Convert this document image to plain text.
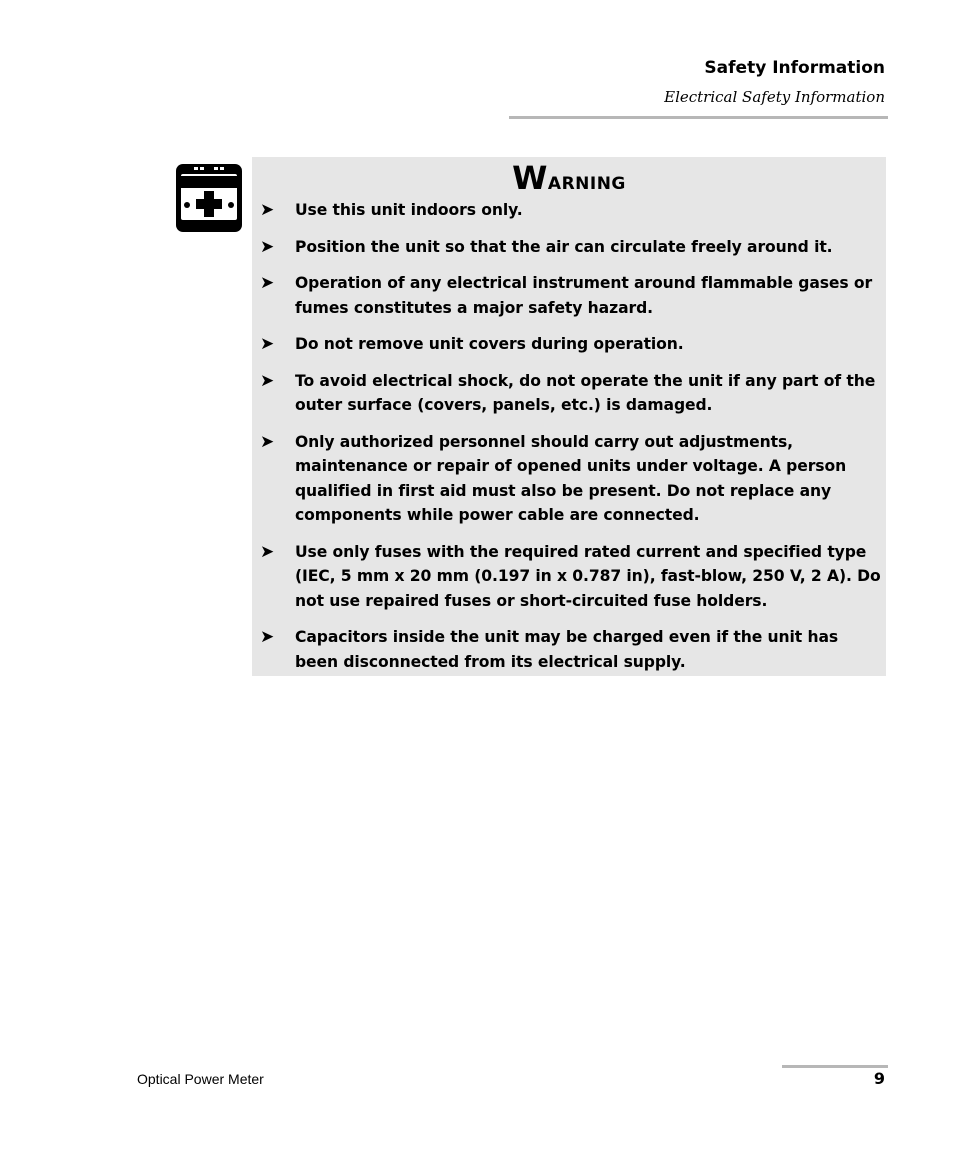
Safety Information
Electrical Safety Information
Warning
➤ Use this unit indoors only.
➤ Position the unit so that the air can circulate freely around it.
➤ Operation of any electrical instrument around flammable gases or fumes constitutes a major safety hazard.
➤ Do not remove unit covers during operation.
➤ To avoid electrical shock, do not operate the unit if any part of the outer surface (covers, panels, etc.) is damaged.
➤ Only authorized personnel should carry out adjustments, maintenance or repair of opened units under voltage. A person qualified in first aid must also be present. Do not replace any components while power cable are connected.
➤ Use only fuses with the required rated current and specified type (IEC, 5 mm x 20 mm (0.197 in x 0.787 in), fast-blow, 250 V, 2 A). Do not use repaired fuses or short-circuited fuse holders.
➤ Capacitors inside the unit may be charged even if the unit has been disconnected from its electrical supply.
Optical Power Meter	9
